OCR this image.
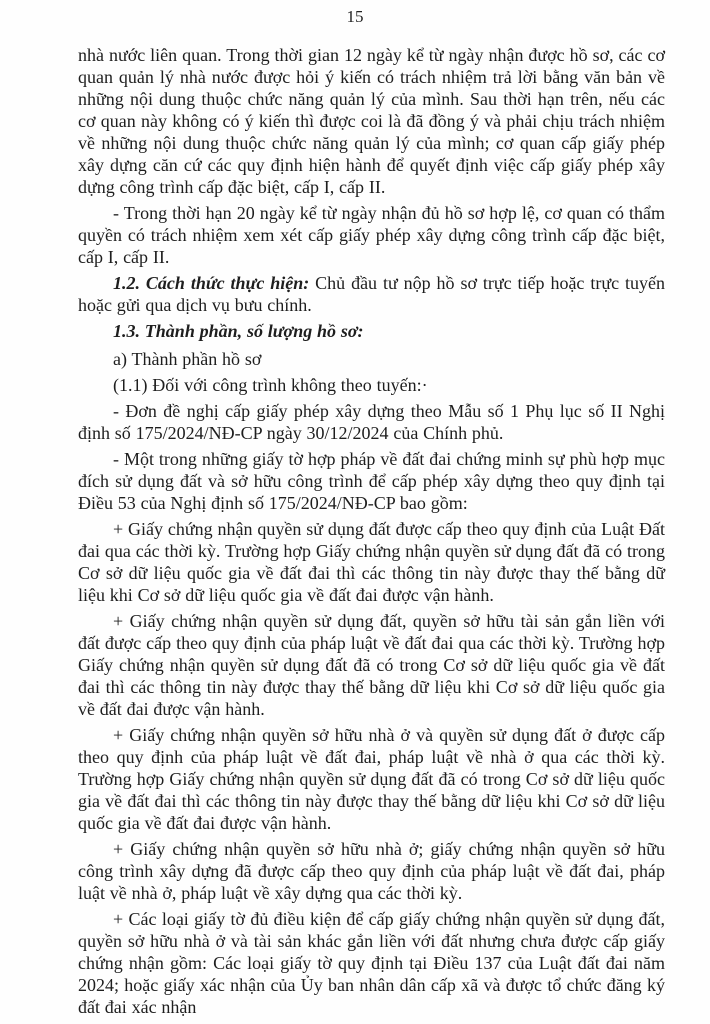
15

nhà nước liên quan. Trong thời gian 12 ngày kể từ ngày nhận được hồ sơ, các cơ quan quản lý nhà nước được hỏi ý kiến có trách nhiệm trả lời bằng văn bản về những nội dung thuộc chức năng quản lý của mình. Sau thời hạn trên, nếu các cơ quan này không có ý kiến thì được coi là đã đồng ý và phải chịu trách nhiệm về những nội dung thuộc chức năng quản lý của mình; cơ quan cấp giấy phép xây dựng căn cứ các quy định hiện hành để quyết định việc cấp giấy phép xây dựng công trình cấp đặc biệt, cấp I, cấp II.

- Trong thời hạn 20 ngày kể từ ngày nhận đủ hồ sơ hợp lệ, cơ quan có thẩm quyền có trách nhiệm xem xét cấp giấy phép xây dựng công trình cấp đặc biệt, cấp I, cấp II.

1.2. Cách thức thực hiện: Chủ đầu tư nộp hồ sơ trực tiếp hoặc trực tuyến hoặc gửi qua dịch vụ bưu chính.

1.3. Thành phần, số lượng hồ sơ:

a) Thành phần hồ sơ

(1.1) Đối với công trình không theo tuyến:·

- Đơn đề nghị cấp giấy phép xây dựng theo Mẫu số 1 Phụ lục số II Nghị định số 175/2024/NĐ-CP ngày 30/12/2024 của Chính phủ.

- Một trong những giấy tờ hợp pháp về đất đai chứng minh sự phù hợp mục đích sử dụng đất và sở hữu công trình để cấp phép xây dựng theo quy định tại Điều 53 của Nghị định số 175/2024/NĐ-CP bao gồm:

+ Giấy chứng nhận quyền sử dụng đất được cấp theo quy định của Luật Đất đai qua các thời kỳ. Trường hợp Giấy chứng nhận quyền sử dụng đất đã có trong Cơ sở dữ liệu quốc gia về đất đai thì các thông tin này được thay thế bằng dữ liệu khi Cơ sở dữ liệu quốc gia về đất đai được vận hành.

+ Giấy chứng nhận quyền sử dụng đất, quyền sở hữu tài sản gắn liền với đất được cấp theo quy định của pháp luật về đất đai qua các thời kỳ. Trường hợp Giấy chứng nhận quyền sử dụng đất đã có trong Cơ sở dữ liệu quốc gia về đất đai thì các thông tin này được thay thế bằng dữ liệu khi Cơ sở dữ liệu quốc gia về đất đai được vận hành.

+ Giấy chứng nhận quyền sở hữu nhà ở và quyền sử dụng đất ở được cấp theo quy định của pháp luật về đất đai, pháp luật về nhà ở qua các thời kỳ. Trường hợp Giấy chứng nhận quyền sử dụng đất đã có trong Cơ sở dữ liệu quốc gia về đất đai thì các thông tin này được thay thế bằng dữ liệu khi Cơ sở dữ liệu quốc gia về đất đai được vận hành.

+ Giấy chứng nhận quyền sở hữu nhà ở; giấy chứng nhận quyền sở hữu công trình xây dựng đã được cấp theo quy định của pháp luật về đất đai, pháp luật về nhà ở, pháp luật về xây dựng qua các thời kỳ.

+ Các loại giấy tờ đủ điều kiện để cấp giấy chứng nhận quyền sử dụng đất, quyền sở hữu nhà ở và tài sản khác gắn liền với đất nhưng chưa được cấp giấy chứng nhận gồm: Các loại giấy tờ quy định tại Điều 137 của Luật đất đai năm 2024; hoặc giấy xác nhận của Ủy ban nhân dân cấp xã và được tổ chức đăng ký đất đai xác nhận
